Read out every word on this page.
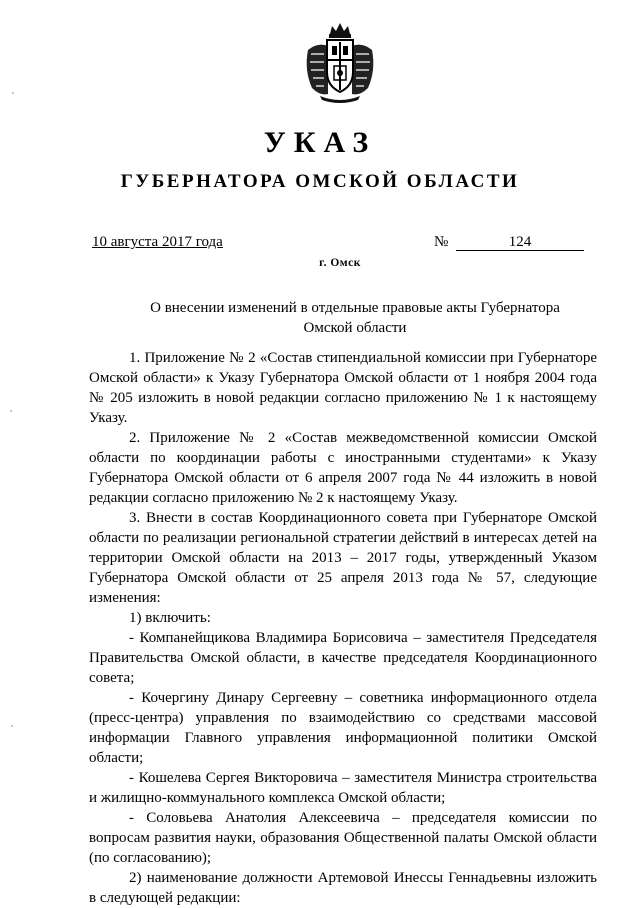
УКАЗ
ГУБЕРНАТОРА ОМСКОЙ ОБЛАСТИ
10 августа 2017 года	№	124
г. Омск
О внесении изменений в отдельные правовые акты Губернатора Омской области

1. Приложение № 2 «Состав стипендиальной комиссии при Губернаторе Омской области» к Указу Губернатора Омской области от 1 ноября 2004 года № 205 изложить в новой редакции согласно приложению № 1 к настоящему Указу.

2. Приложение № 2 «Состав межведомственной комиссии Омской области по координации работы с иностранными студентами» к Указу Губернатора Омской области от 6 апреля 2007 года № 44 изложить в новой редакции согласно приложению № 2 к настоящему Указу.

3. Внести в состав Координационного совета при Губернаторе Омской области по реализации региональной стратегии действий в интересах детей на территории Омской области на 2013 – 2017 годы, утвержденный Указом Губернатора Омской области от 25 апреля 2013 года № 57, следующие изменения:

1) включить:

- Компанейщикова Владимира Борисовича – заместителя Председателя Правительства Омской области, в качестве председателя Координационного совета;

- Кочергину Динару Сергеевну – советника информационного отдела (пресс-центра) управления по взаимодействию со средствами массовой информации Главного управления информационной политики Омской области;

- Кошелева Сергея Викторовича – заместителя Министра строительства и жилищно-коммунального комплекса Омской области;

- Соловьева Анатолия Алексеевича – председателя комиссии по вопросам развития науки, образования Общественной палаты Омской области (по согласованию);

2) наименование должности Артемовой Инессы Геннадьевны изложить в следующей редакции:
